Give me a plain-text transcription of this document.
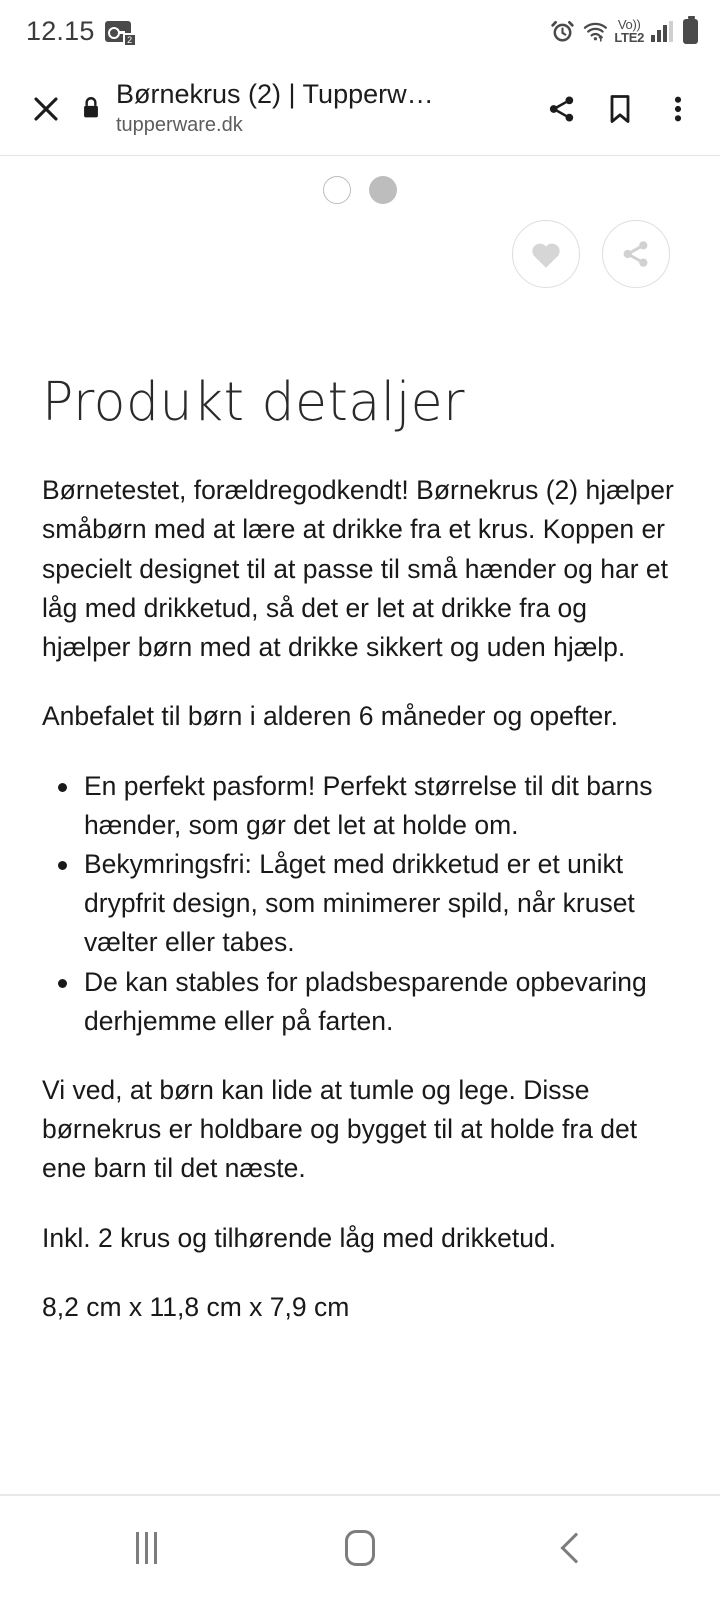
12.15	2
Vo))
LTE2
Børnekrus (2) | Tupperw…
tupperware.dk
Produkt detaljer

Børnetestet, forældregodkendt! Børnekrus (2) hjælper småbørn med at lære at drikke fra et krus. Koppen er specielt designet til at passe til små hænder og har et låg med drikketud, så det er let at drikke fra og hjælper børn med at drikke sikkert og uden hjælp.

Anbefalet til børn i alderen 6 måneder og opefter.

En perfekt pasform! Perfekt størrelse til dit barns hænder, som gør det let at holde om.
Bekymringsfri: Låget med drikketud er et unikt drypfrit design, som minimerer spild, når kruset vælter eller tabes.
De kan stables for pladsbesparende opbevaring derhjemme eller på farten.

Vi ved, at børn kan lide at tumle og lege. Disse børnekrus er holdbare og bygget til at holde fra det ene barn til det næste.

Inkl. 2 krus og tilhørende låg med drikketud.

8,2 cm x 11,8 cm x 7,9 cm
